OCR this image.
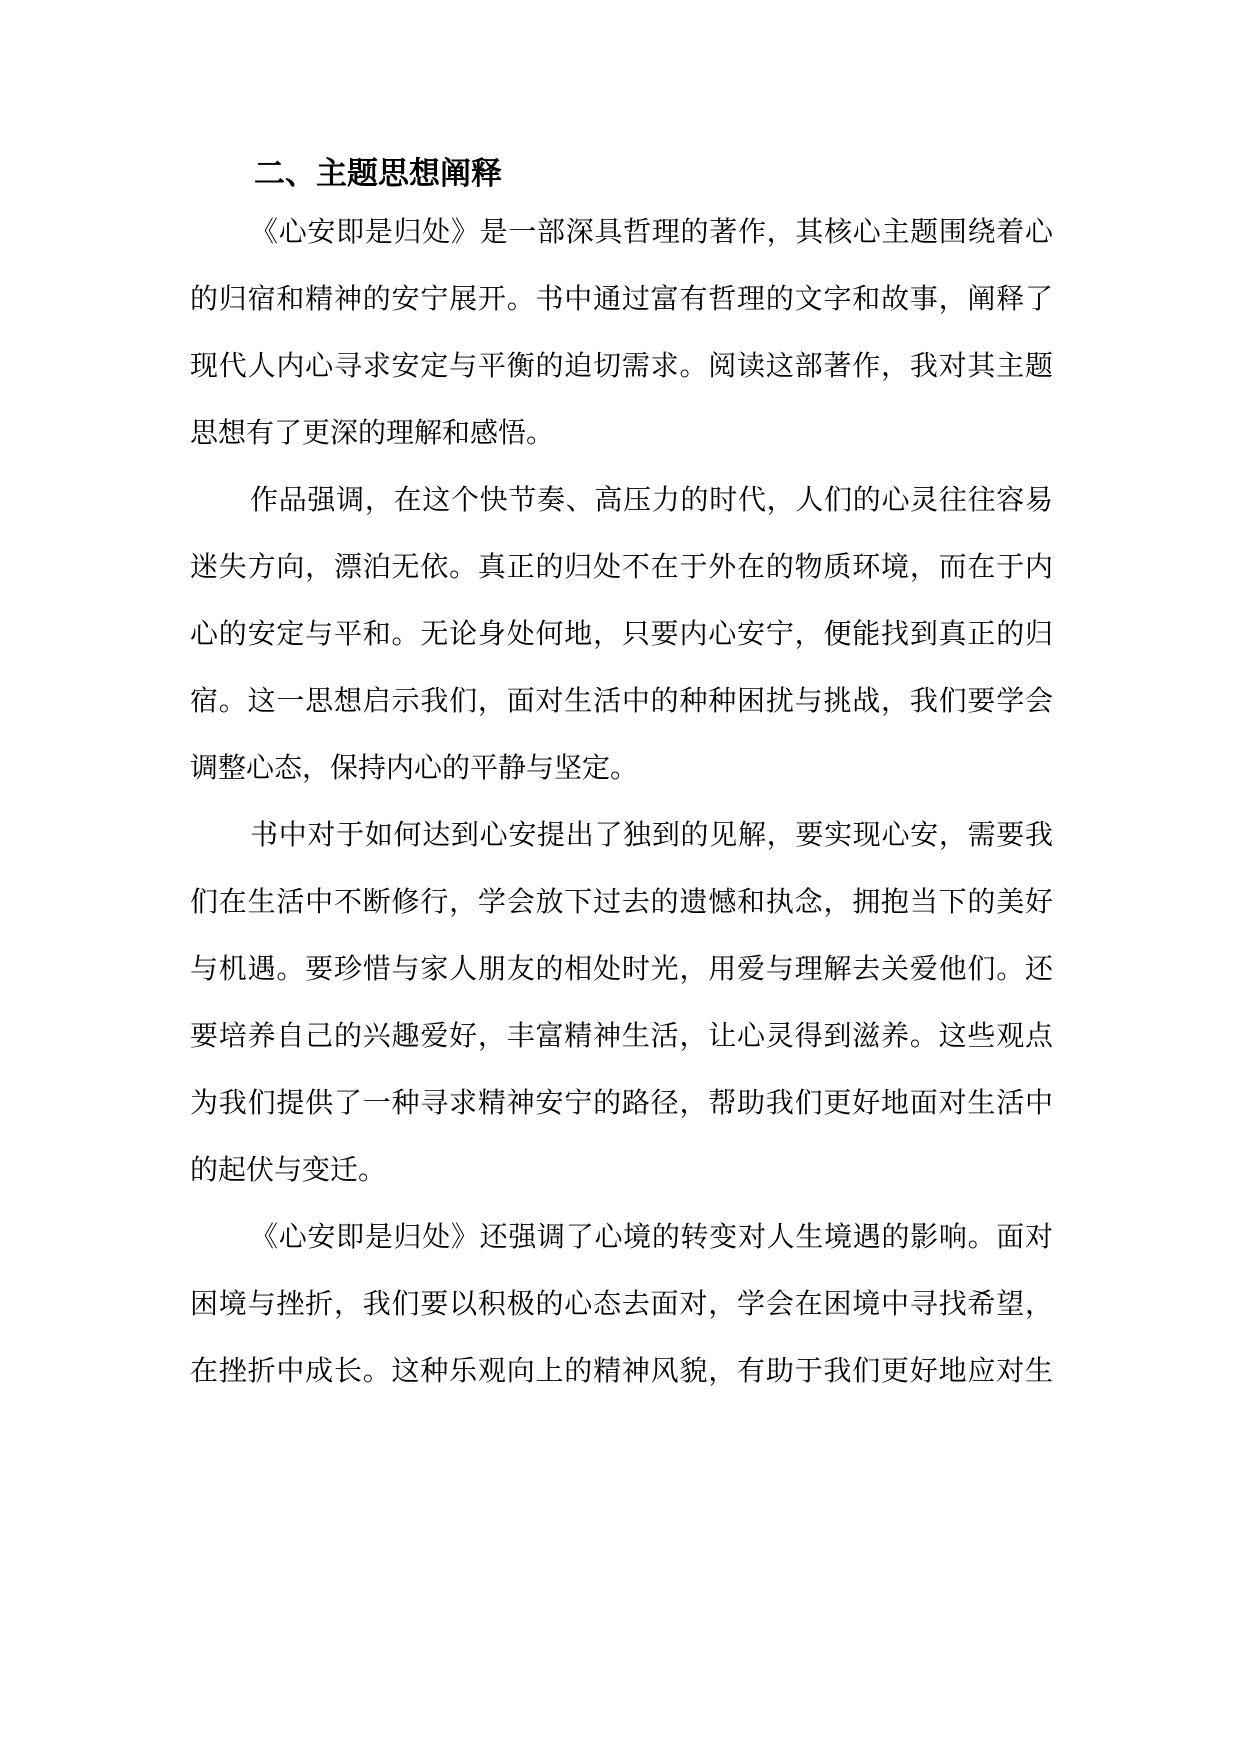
二、主题思想阐释
《心安即是归处》是一部深具哲理的著作，其核心主题围绕着心
的归宿和精神的安宁展开。书中通过富有哲理的文字和故事，阐释了
现代人内心寻求安定与平衡的迫切需求。阅读这部著作，我对其主题
思想有了更深的理解和感悟。
作品强调，在这个快节奏、高压力的时代，人们的心灵往往容易
迷失方向，漂泊无依。真正的归处不在于外在的物质环境，而在于内
心的安定与平和。无论身处何地，只要内心安宁，便能找到真正的归
宿。这一思想启示我们，面对生活中的种种困扰与挑战，我们要学会
调整心态，保持内心的平静与坚定。
书中对于如何达到心安提出了独到的见解，要实现心安，需要我
们在生活中不断修行，学会放下过去的遗憾和执念，拥抱当下的美好
与机遇。要珍惜与家人朋友的相处时光，用爱与理解去关爱他们。还
要培养自己的兴趣爱好，丰富精神生活，让心灵得到滋养。这些观点
为我们提供了一种寻求精神安宁的路径，帮助我们更好地面对生活中
的起伏与变迁。
《心安即是归处》还强调了心境的转变对人生境遇的影响。面对
困境与挫折，我们要以积极的心态去面对，学会在困境中寻找希望，
在挫折中成长。这种乐观向上的精神风貌，有助于我们更好地应对生
